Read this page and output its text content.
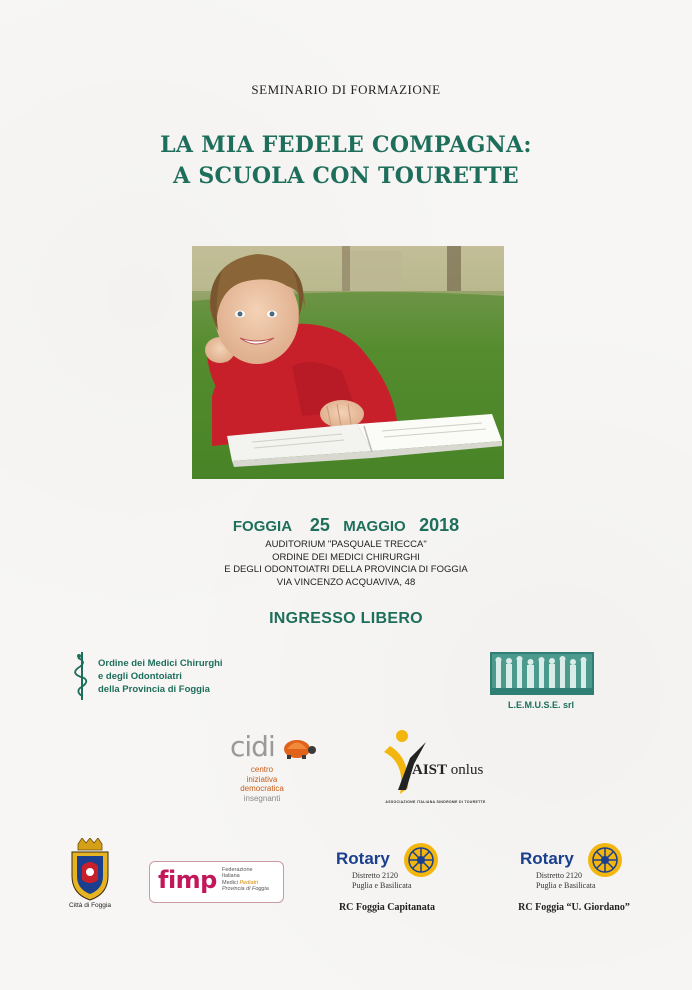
SEMINARIO DI FORMAZIONE
LA MIA FEDELE COMPAGNA:
A SCUOLA CON TOURETTE
FOGGIA 25 MAGGIO 2018
AUDITORIUM "PASQUALE TRECCA"
ORDINE DEI MEDICI CHIRURGHI
E DEGLI ODONTOIATRI DELLA PROVINCIA DI FOGGIA
VIA VINCENZO ACQUAVIVA, 48
INGRESSO LIBERO
Ordine dei Medici Chirurghi
e degli Odontoiatri
della Provincia di Foggia
L.E.M.U.S.E. srl
cidi
centro
iniziativa
democratica
insegnanti
AIST onlus
ASSOCIAZIONE ITALIANA SINDROME DI TOURETTE
Città di Foggia
fimp Federazione
Italiana
Medici Pediatri
Provincia di Foggia
Rotary
Distretto 2120
Puglia e Basilicata
RC Foggia Capitanata
Rotary
Distretto 2120
Puglia e Basilicata
RC Foggia “U. Giordano”
